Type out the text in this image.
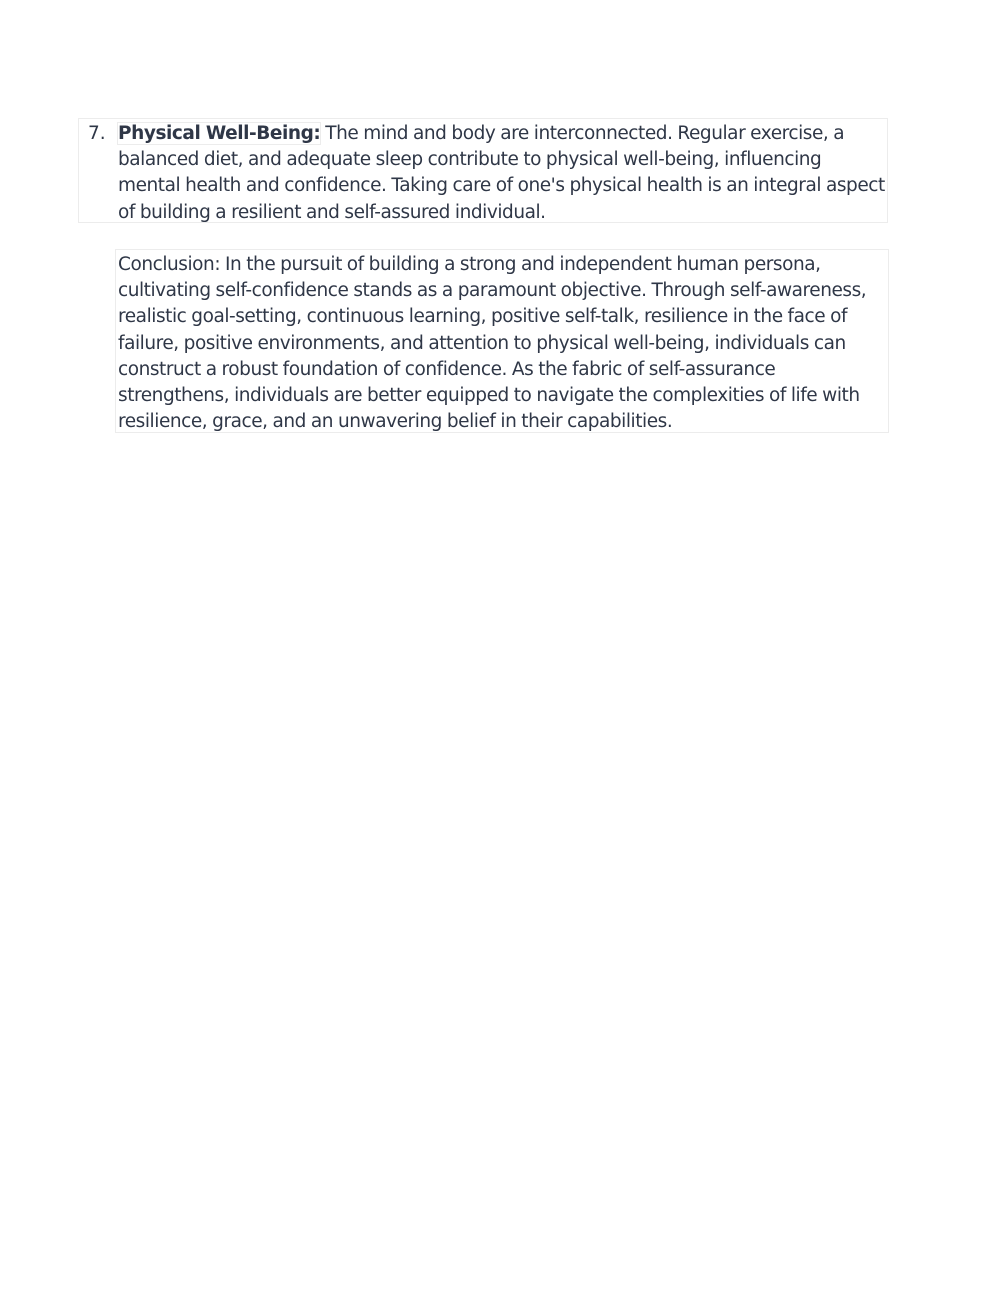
7. Physical Well-Being: The mind and body are interconnected. Regular exercise, a balanced diet, and adequate sleep contribute to physical well-being, influencing mental health and confidence. Taking care of one's physical health is an integral aspect of building a resilient and self-assured individual.

Conclusion: In the pursuit of building a strong and independent human persona, cultivating self-confidence stands as a paramount objective. Through self-awareness, realistic goal-setting, continuous learning, positive self-talk, resilience in the face of failure, positive environments, and attention to physical well-being, individuals can construct a robust foundation of confidence. As the fabric of self-assurance strengthens, individuals are better equipped to navigate the complexities of life with resilience, grace, and an unwavering belief in their capabilities.
